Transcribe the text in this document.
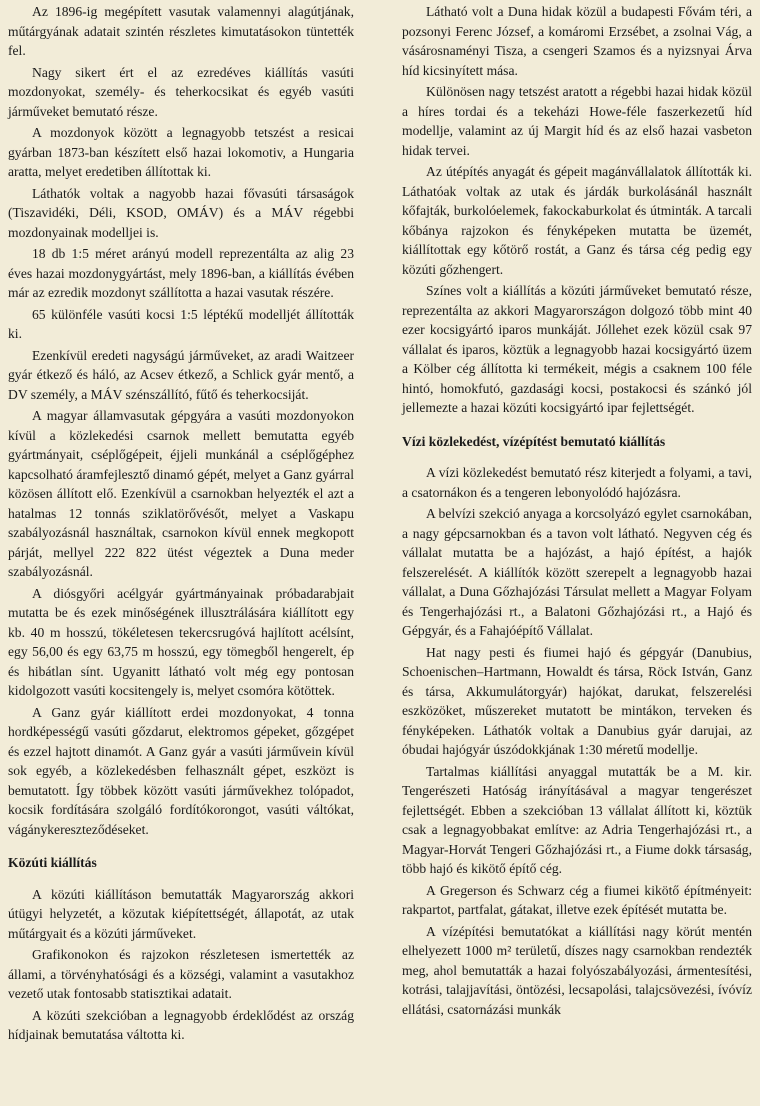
Az 1896-ig megépített vasutak valamennyi alagútjának, műtárgyának adatait szintén részletes kimutatásokon tüntették fel.

Nagy sikert ért el az ezredéves kiállítás vasúti mozdonyokat, személy- és teherkocsikat és egyéb vasúti járműveket bemutató része.

A mozdonyok között a legnagyobb tetszést a resicai gyárban 1873-ban készített első hazai lokomotiv, a Hungaria aratta, melyet eredetiben állítottak ki.

Láthatók voltak a nagyobb hazai fővasúti társaságok (Tiszavidéki, Déli, KSOD, OMÁV) és a MÁV régebbi mozdonyainak modelljei is.

18 db 1:5 méret arányú modell reprezentálta az alig 23 éves hazai mozdonygyártást, mely 1896-ban, a kiállítás évében már az ezredik mozdonyt szállította a hazai vasutak részére.

65 különféle vasúti kocsi 1:5 léptékű modelljét állították ki.

Ezenkívül eredeti nagyságú járműveket, az aradi Waitzeer gyár étkező és háló, az Acsev étkező, a Schlick gyár mentő, a DV személy, a MÁV szénszállító, fűtő és teherkocsiját.

A magyar államvasutak gépgyára a vasúti mozdonyokon kívül a közlekedési csarnok mellett bemutatta egyéb gyártmányait, cséplőgépeit, éjjeli munkánál a cséplőgéphez kapcsolható áramfejlesztő dinamó gépét, melyet a Ganz gyárral közösen állított elő. Ezenkívül a csarnokban helyezték el azt a hatalmas 12 tonnás sziklatörővésőt, melyet a Vaskapu szabályozásnál használtak, csarnokon kívül ennek megkopott párját, mellyel 222 822 ütést végeztek a Duna meder szabályozásnál.

A diósgyőri acélgyár gyártmányainak próbadarabjait mutatta be és ezek minőségének illusztrálására kiállított egy kb. 40 m hosszú, tökéletesen tekercsrugóvá hajlított acélsínt, egy 56,00 és egy 63,75 m hosszú, egy tömegből hengerelt, ép és hibátlan sínt. Ugyanitt látható volt még egy pontosan kidolgozott vasúti kocsitengely is, melyet csomóra kötöttek.

A Ganz gyár kiállított erdei mozdonyokat, 4 tonna hordképességű vasúti gőzdarut, elektromos gépeket, gőzgépet és ezzel hajtott dinamót. A Ganz gyár a vasúti járművein kívül sok egyéb, a közlekedésben felhasznált gépet, eszközt is bemutatott. Így többek között vasúti járművekhez tolópadot, kocsik fordítására szolgáló fordítókorongot, vasúti váltókat, vágánykereszteződéseket.

Közúti kiállítás

A közúti kiállításon bemutatták Magyarország akkori útügyi helyzetét, a közutak kiépítettségét, állapotát, az utak műtárgyait és a közúti járműveket.

Grafikonokon és rajzokon részletesen ismertették az állami, a törvényhatósági és a községi, valamint a vasutakhoz vezető utak fontosabb statisztikai adatait.

A közúti szekcióban a legnagyobb érdeklődést az ország hídjainak bemutatása váltotta ki.

Látható volt a Duna hidak közül a budapesti Fővám téri, a pozsonyi Ferenc József, a komáromi Erzsébet, a zsolnai Vág, a vásárosnaményi Tisza, a csengeri Szamos és a nyizsnyai Árva híd kicsinyített mása.

Különösen nagy tetszést aratott a régebbi hazai hidak közül a híres tordai és a tekeházi Howe-féle faszerkezetű híd modellje, valamint az új Margit híd és az első hazai vasbeton hidak tervei.

Az útépítés anyagát és gépeit magánvállalatok állították ki. Láthatóak voltak az utak és járdák burkolásánál használt kőfajták, burkolóelemek, fakockaburkolat és útminták. A tarcali kőbánya rajzokon és fényképeken mutatta be üzemét, kiállítottak egy kőtörő rostát, a Ganz és társa cég pedig egy közúti gőzhengert.

Színes volt a kiállítás a közúti járműveket bemutató része, reprezentálta az akkori Magyarországon dolgozó több mint 40 ezer kocsigyártó iparos munkáját. Jóllehet ezek közül csak 97 vállalat és iparos, köztük a legnagyobb hazai kocsigyártó üzem a Kölber cég állította ki termékeit, mégis a csaknem 100 féle hintó, homokfutó, gazdasági kocsi, postakocsi és szánkó jól jellemezte a hazai közúti kocsigyártó ipar fejlettségét.

Vízi közlekedést, vízépítést bemutató kiállítás

A vízi közlekedést bemutató rész kiterjedt a folyami, a tavi, a csatornákon és a tengeren lebonyolódó hajózásra.

A belvízi szekció anyaga a korcsolyázó egylet csarnokában, a nagy gépcsarnokban és a tavon volt látható. Negyven cég és vállalat mutatta be a hajózást, a hajó építést, a hajók felszerelését. A kiállítók között szerepelt a legnagyobb hazai vállalat, a Duna Gőzhajózási Társulat mellett a Magyar Folyam és Tengerhajózási rt., a Balatoni Gőzhajózási rt., a Hajó és Gépgyár, és a Fahajóépítő Vállalat.

Hat nagy pesti és fiumei hajó és gépgyár (Danubius, Schoenischen–Hartmann, Howaldt és társa, Röck István, Ganz és társa, Akkumulátorgyár) hajókat, darukat, felszerelési eszközöket, műszereket mutatott be mintákon, terveken és fényképeken. Láthatók voltak a Danubius gyár darujai, az óbudai hajógyár úszódokkjának 1:30 méretű modellje.

Tartalmas kiállítási anyaggal mutatták be a M. kir. Tengerészeti Hatóság irányításával a magyar tengerészet fejlettségét. Ebben a szekcióban 13 vállalat állított ki, köztük csak a legnagyobbakat említve: az Adria Tengerhajózási rt., a Magyar-Horvát Tengeri Gőzhajózási rt., a Fiume dokk társaság, több hajó és kikötő építő cég.

A Gregerson és Schwarz cég a fiumei kikötő építményeit: rakpartot, partfalat, gátakat, illetve ezek építését mutatta be.

A vízépítési bemutatókat a kiállítási nagy körút mentén elhelyezett 1000 m² területű, díszes nagy csarnokban rendezték meg, ahol bemutatták a hazai folyószabályozási, ármentesítési, kotrási, talajjavítási, öntözési, lecsapolási, talajcsövezési, ívóvíz ellátási, csatornázási munkák
